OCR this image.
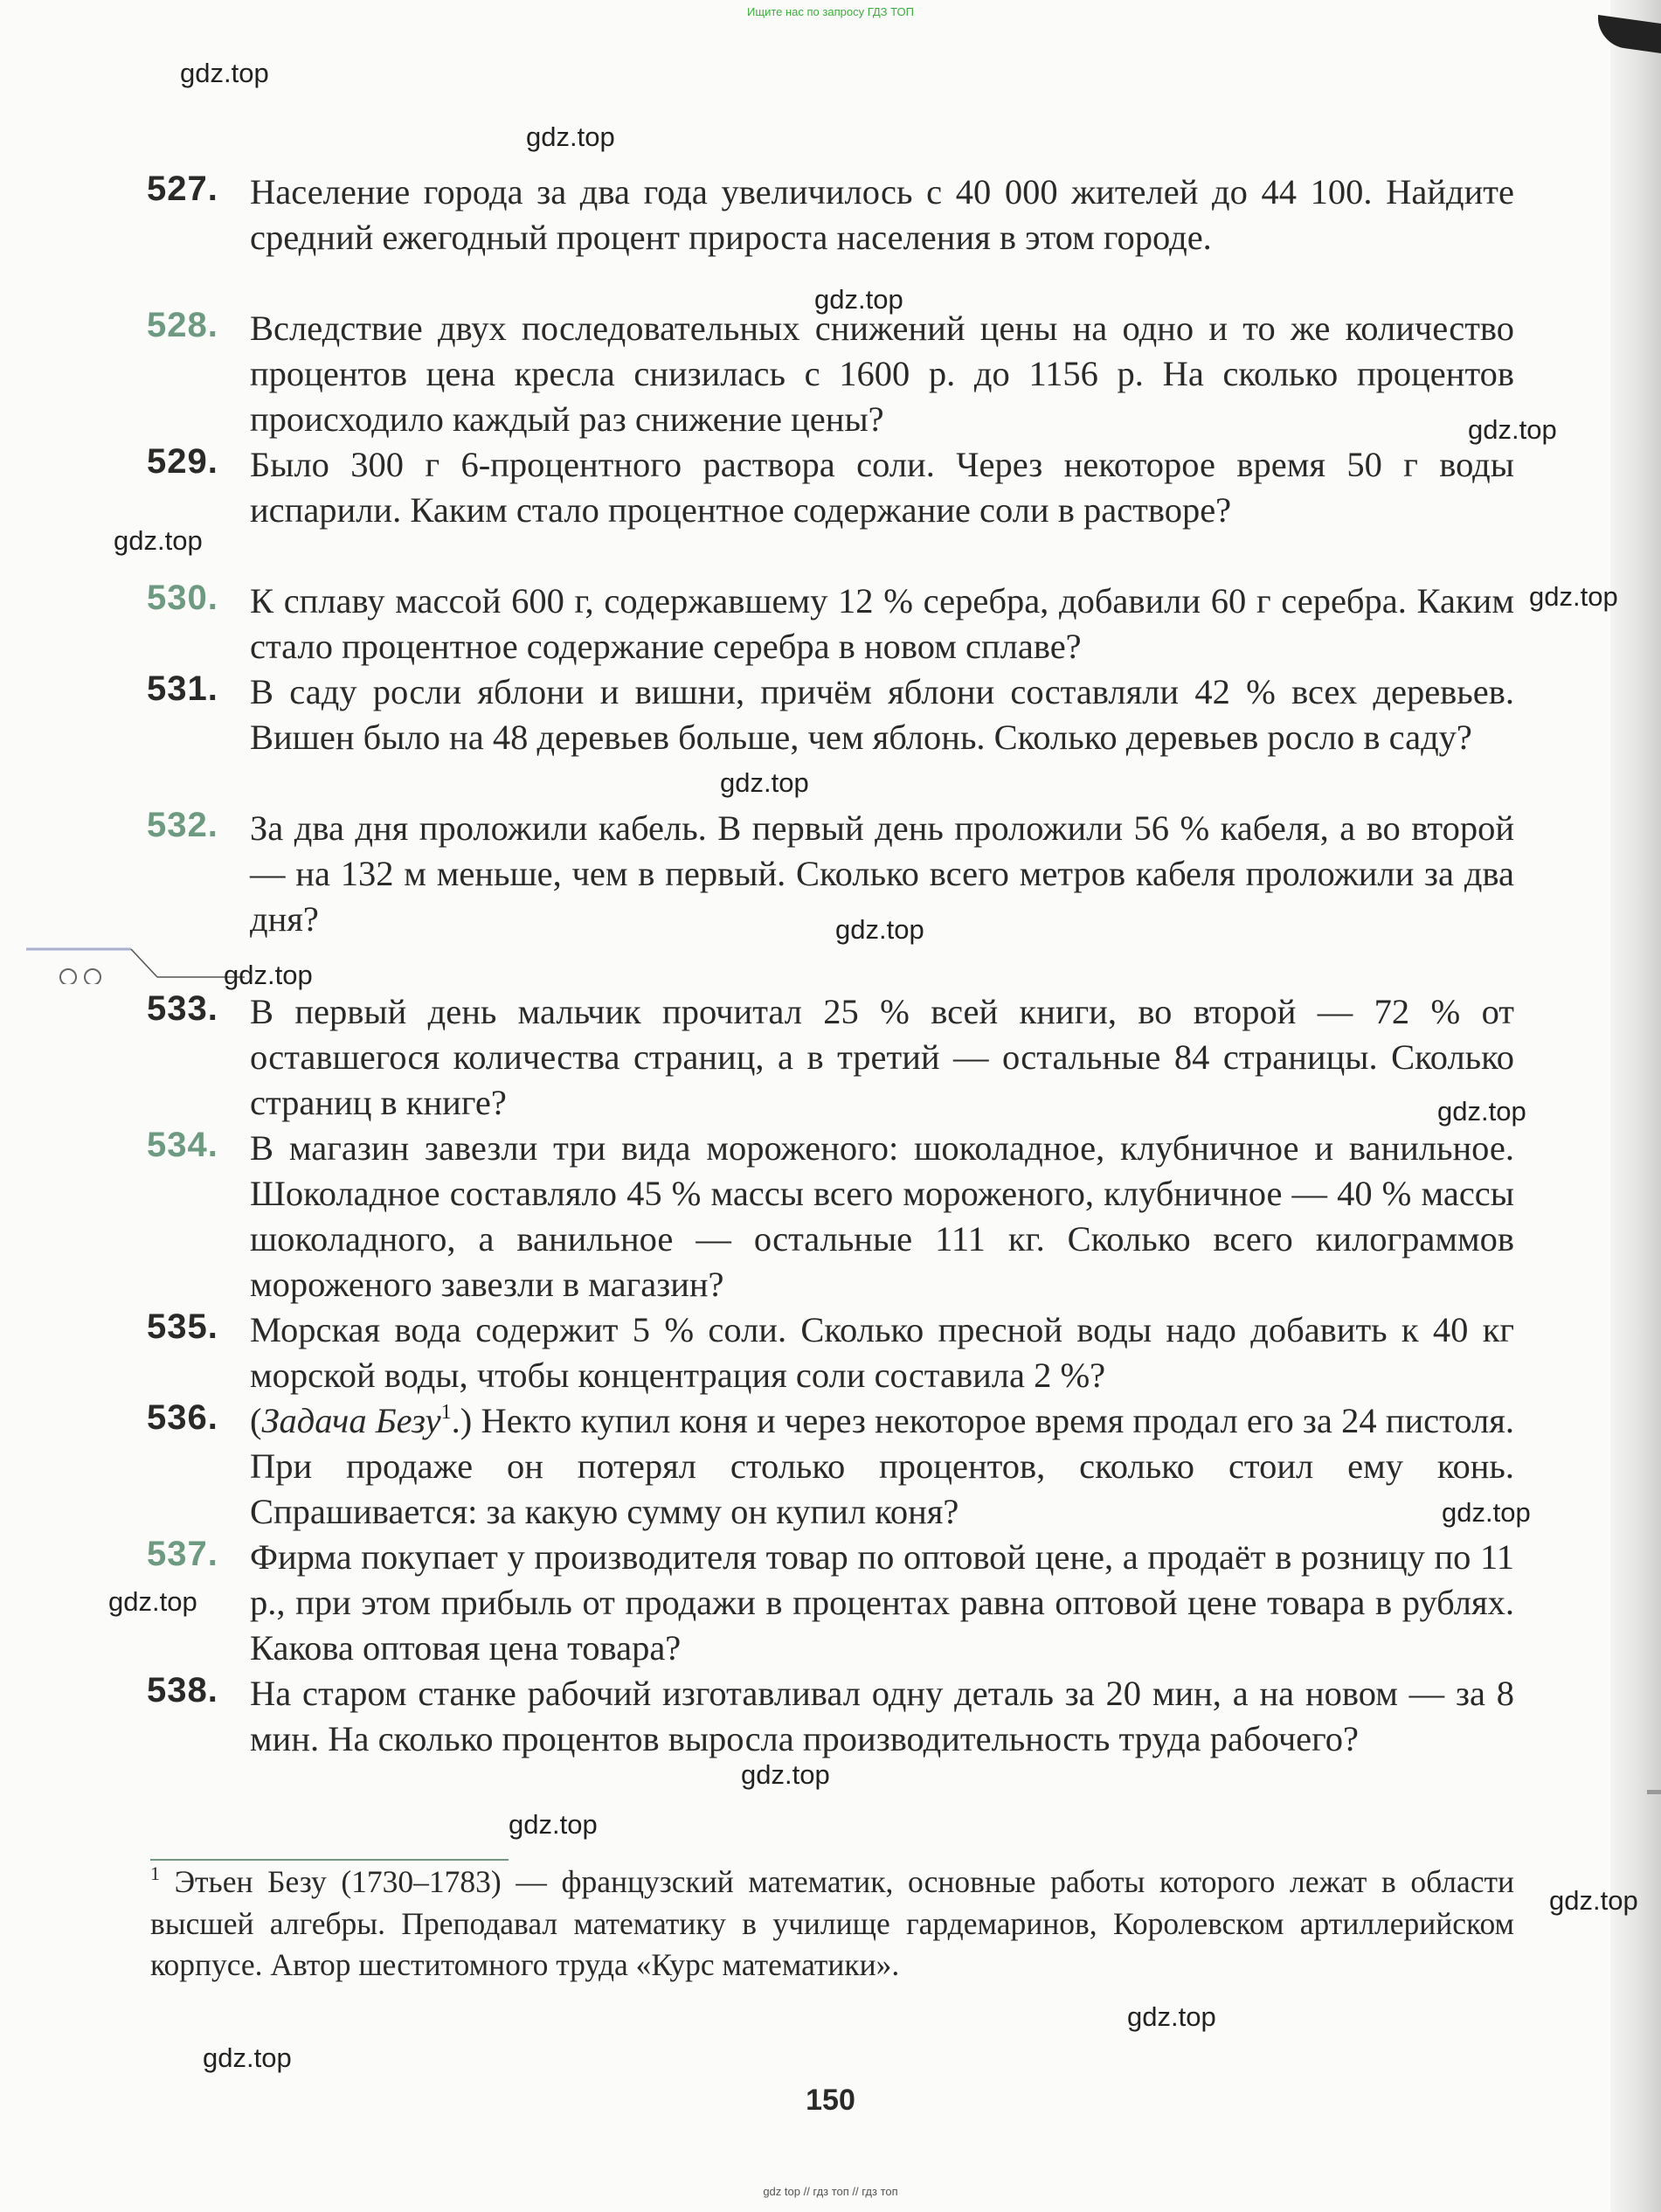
Ищите нас по запросу ГДЗ ТОП
527. Население города за два года увеличилось с 40 000 жителей до 44 100. Найдите средний ежегодный процент прироста населения в этом городе.
528. Вследствие двух последовательных снижений цены на одно и то же количество процентов цена кресла снизилась с 1600 р. до 1156 р. На сколько процентов происходило каждый раз снижение цены?
529. Было 300 г 6-процентного раствора соли. Через некоторое время 50 г воды испарили. Каким стало процентное содержание соли в растворе?
530. К сплаву массой 600 г, содержавшему 12 % серебра, добавили 60 г серебра. Каким стало процентное содержание серебра в новом сплаве?
531. В саду росли яблони и вишни, причём яблони составляли 42 % всех деревьев. Вишен было на 48 деревьев больше, чем яблонь. Сколько деревьев росло в саду?
532. За два дня проложили кабель. В первый день проложили 56 % кабеля, а во второй — на 132 м меньше, чем в первый. Сколько всего метров кабеля проложили за два дня?
533. В первый день мальчик прочитал 25 % всей книги, во второй — 72 % от оставшегося количества страниц, а в третий — остальные 84 страницы. Сколько страниц в книге?
534. В магазин завезли три вида мороженого: шоколадное, клубничное и ванильное. Шоколадное составляло 45 % массы всего мороженого, клубничное — 40 % массы шоколадного, а ванильное — остальные 111 кг. Сколько всего килограммов мороженого завезли в магазин?
535. Морская вода содержит 5 % соли. Сколько пресной воды надо добавить к 40 кг морской воды, чтобы концентрация соли составила 2 %?
536. (Задача Безу$^1$.) Некто купил коня и через некоторое время продал его за 24 пистоля. При продаже он потерял столько процентов, сколько стоил ему конь. Спрашивается: за какую сумму он купил коня?
537. Фирма покупает у производителя товар по оптовой цене, а продаёт в розницу по 11 р., при этом прибыль от продажи в процентах равна оптовой цене товара в рублях. Какова оптовая цена товара?
538. На старом станке рабочий изготавливал одну деталь за 20 мин, а на новом — за 8 мин. На сколько процентов выросла производительность труда рабочего?
$^1$ Этьен Безу (1730–1783) — французский математик, основные работы которого лежат в области высшей алгебры. Преподавал математику в училище гардемаринов, Королевском артиллерийском корпусе. Автор шеститомного труда «Курс математики».
150
gdz.top
gdz.top
gdz.top
gdz.top
gdz.top
gdz.top
gdz.top
gdz.top
gdz.top
gdz.top
gdz.top
gdz.top
gdz.top
gdz.top
gdz.top
gdz.top
gdz.top
gdz top // гдз топ // гдз топ
